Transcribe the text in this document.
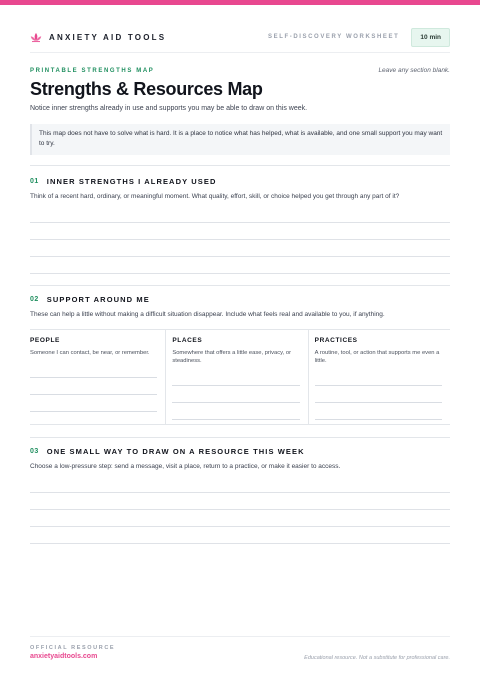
ANXIETY AID TOOLS	SELF-DISCOVERY WORKSHEET	10 min
PRINTABLE STRENGTHS MAP	Leave any section blank.
Strengths & Resources Map

Notice inner strengths already in use and supports you may be able to draw on this week.

This map does not have to solve what is hard. It is a place to notice what has helped, what is available, and one small support you may want to try.
01 INNER STRENGTHS I ALREADY USED

Think of a recent hard, ordinary, or meaningful moment. What quality, effort, skill, or choice helped you get through any part of it?

02 SUPPORT AROUND ME

These can help a little without making a difficult situation disappear. Include what feels real and available to you, if anything.

PEOPLE
Someone I can contact, be near, or remember.
PLACES
Somewhere that offers a little ease, privacy, or steadiness.
PRACTICES
A routine, tool, or action that supports me even a little.
03 ONE SMALL WAY TO DRAW ON A RESOURCE THIS WEEK

Choose a low-pressure step: send a message, visit a place, return to a practice, or make it easier to access.

OFFICIAL RESOURCE
anxietyaidtools.com	Educational resource. Not a substitute for professional care.
